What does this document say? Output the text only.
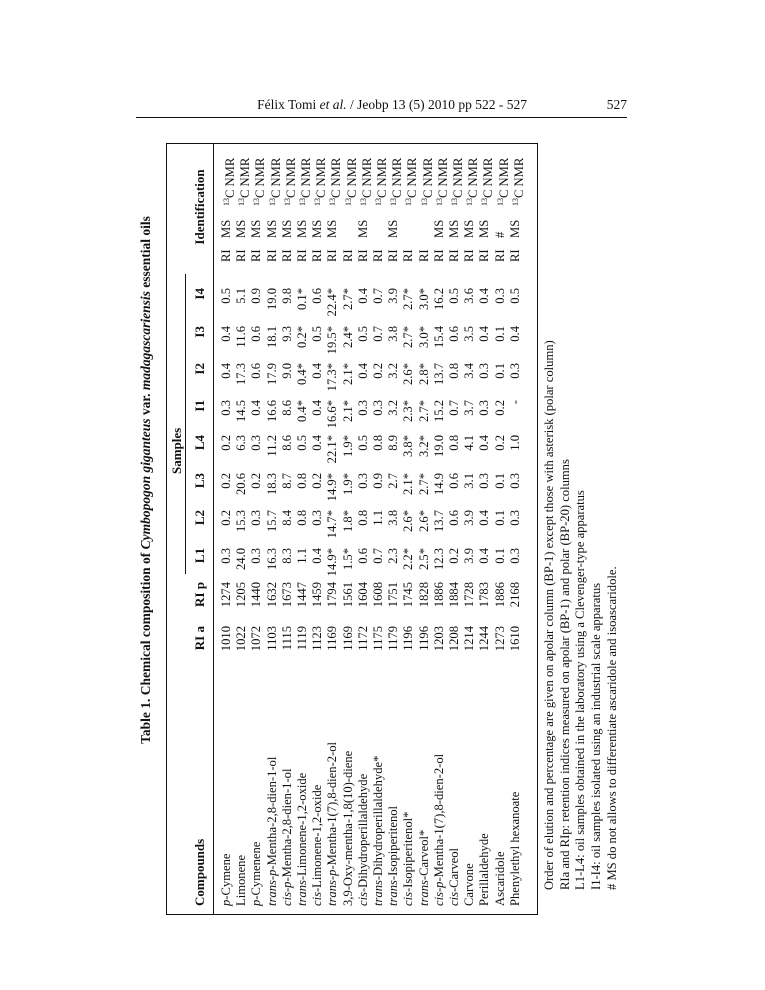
Félix Tomi et al. / Jeobp 13 (5) 2010 pp 522 - 527	527
Table 1. Chemical composition of Cymbopogon giganteus var. madagascariensis essential oils
Compounds
RI a
RI p
Samples
L1
L2
L3
L4
I1
I2
I3
I4
Identification
p-Cymene
1010
1274
0.3
0.2
0.2
0.2
0.3
0.4
0.4
0.5
RI
MS
$^{13}$C NMR
Limonene
1022
1205
24.0
15.3
20.6
6.3
14.5
17.3
11.6
5.1
RI
MS
$^{13}$C NMR
p-Cymenene
1072
1440
0.3
0.3
0.2
0.3
0.4
0.6
0.6
0.9
RI
MS
$^{13}$C NMR
trans-p-Mentha-2,8-dien-1-ol
1103
1632
16.3
15.7
18.3
11.2
16.6
17.9
18.1
19.0
RI
MS
$^{13}$C NMR
cis-p-Mentha-2,8-dien-1-ol
1115
1673
8.3
8.4
8.7
8.6
8.6
9.0
9.3
9.8
RI
MS
$^{13}$C NMR
trans-Limonene-1,2-oxide
1119
1447
1.1
0.8
0.8
0.5
0.4*
0.4*
0.2*
0.1*
RI
MS
$^{13}$C NMR
cis-Limonene-1,2-oxide
1123
1459
0.4
0.3
0.2
0.4
0.4
0.4
0.5
0.6
RI
MS
$^{13}$C NMR
trans-p-Mentha-1(7),8-dien-2-ol
1169
1794
14.9*
14.7*
14.9*
22.1*
16.6*
17.3*
19.5*
22.4*
RI
MS
$^{13}$C NMR
3,9-Oxy-mentha-1,8(10)-diene
1169
1561
1.5*
1.8*
1.9*
1.9*
2.1*
2.1*
2.4*
2.7*
RI
$^{13}$C NMR
cis-Dihydroperillaldehyde
1172
1604
0.6
0.8
0.3
0.5
0.3
0.4
0.5
0.4
RI
MS
$^{13}$C NMR
trans-Dihydroperillaldehyde*
1175
1608
0.7
1.1
0.9
0.8
0.3
0.2
0.7
0.7
RI
$^{13}$C NMR
trans-Isopiperitenol
1179
1751
2.3
3.8
2.7
8.9
3.2
3.2
3.8
3.9
RI
MS
$^{13}$C NMR
cis-Isopiperitenol*
1196
1745
2.2*
2.6*
2.1*
3.8*
2.3*
2.6*
2.7*
2.7*
RI
$^{13}$C NMR
trans-Carveol*
1196
1828
2.5*
2.6*
2.7*
3.2*
2.7*
2.8*
3.0*
3.0*
RI
$^{13}$C NMR
cis-p-Mentha-1(7),8-dien-2-ol
1203
1886
12.3
13.7
14.9
19.0
15.2
13.7
15.4
16.2
RI
MS
$^{13}$C NMR
cis-Carveol
1208
1884
0.2
0.6
0.6
0.8
0.7
0.8
0.6
0.5
RI
MS
$^{13}$C NMR
Carvone
1214
1728
3.9
3.9
3.1
4.1
3.7
3.4
3.5
3.6
RI
MS
$^{13}$C NMR
Perillaldehyde
1244
1783
0.4
0.4
0.3
0.4
0.3
0.3
0.4
0.4
RI
MS
$^{13}$C NMR
Ascaridole
1273
1886
0.1
0.1
0.1
0.2
0.2
0.1
0.1
0.3
RI
#
$^{13}$C NMR
Phenylethyl hexanoate
1610
2168
0.3
0.3
0.3
1.0
-
0.3
0.4
0.5
RI
MS
$^{13}$C NMR
Order of elution and percentage are given on apolar column (BP-1) except those with asterisk (polar column) RIa and RIp: retention indices measured on apolar (BP-1) and polar (BP-20) columns L1-L4: oil samples obtained in the laboratory using a Clevenger-type apparatus I1-I4: oil samples isolated using an industrial scale apparatus # MS do not allows to differentiate ascaridole and isoascaridole.
